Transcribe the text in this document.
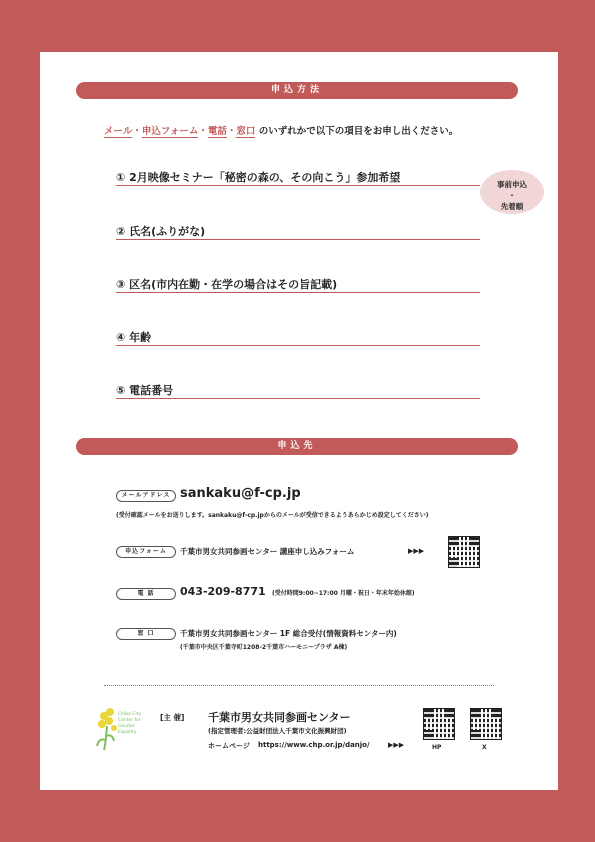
申込方法
メール・申込フォーム・電話・窓口 のいずれかで以下の項目をお申し出ください。
① 2月映像セミナー「秘密の森の、その向こう」参加希望
② 氏名(ふりがな)
③ 区名(市内在勤・在学の場合はその旨記載)
④ 年齢
⑤ 電話番号
事前申込
・
先着順
申込先
メールアドレス sankaku@f-cp.jp
(受付確認メールをお送りします。sankaku@f-cp.jpからのメールが受信できるようあらかじめ設定してください)
申込フォーム	千葉市男女共同参画センター 講座申し込みフォーム	▶▶▶
電 話	043-209-8771 (受付時間9:00~17:00 月曜・祝日・年末年始休館)
窓 口	千葉市男女共同参画センター 1F 総合受付(情報資料センター内)
(千葉市中央区千葉寺町1208-2千葉市ハーモニープラザ A棟)
Chiba City Center for Gender Equality
[主 催] 千葉市男女共同参画センター
(指定管理者:公益財団法人千葉市文化振興財団)
ホームページ https://www.chp.or.jp/danjo/	▶▶▶	HP	X
